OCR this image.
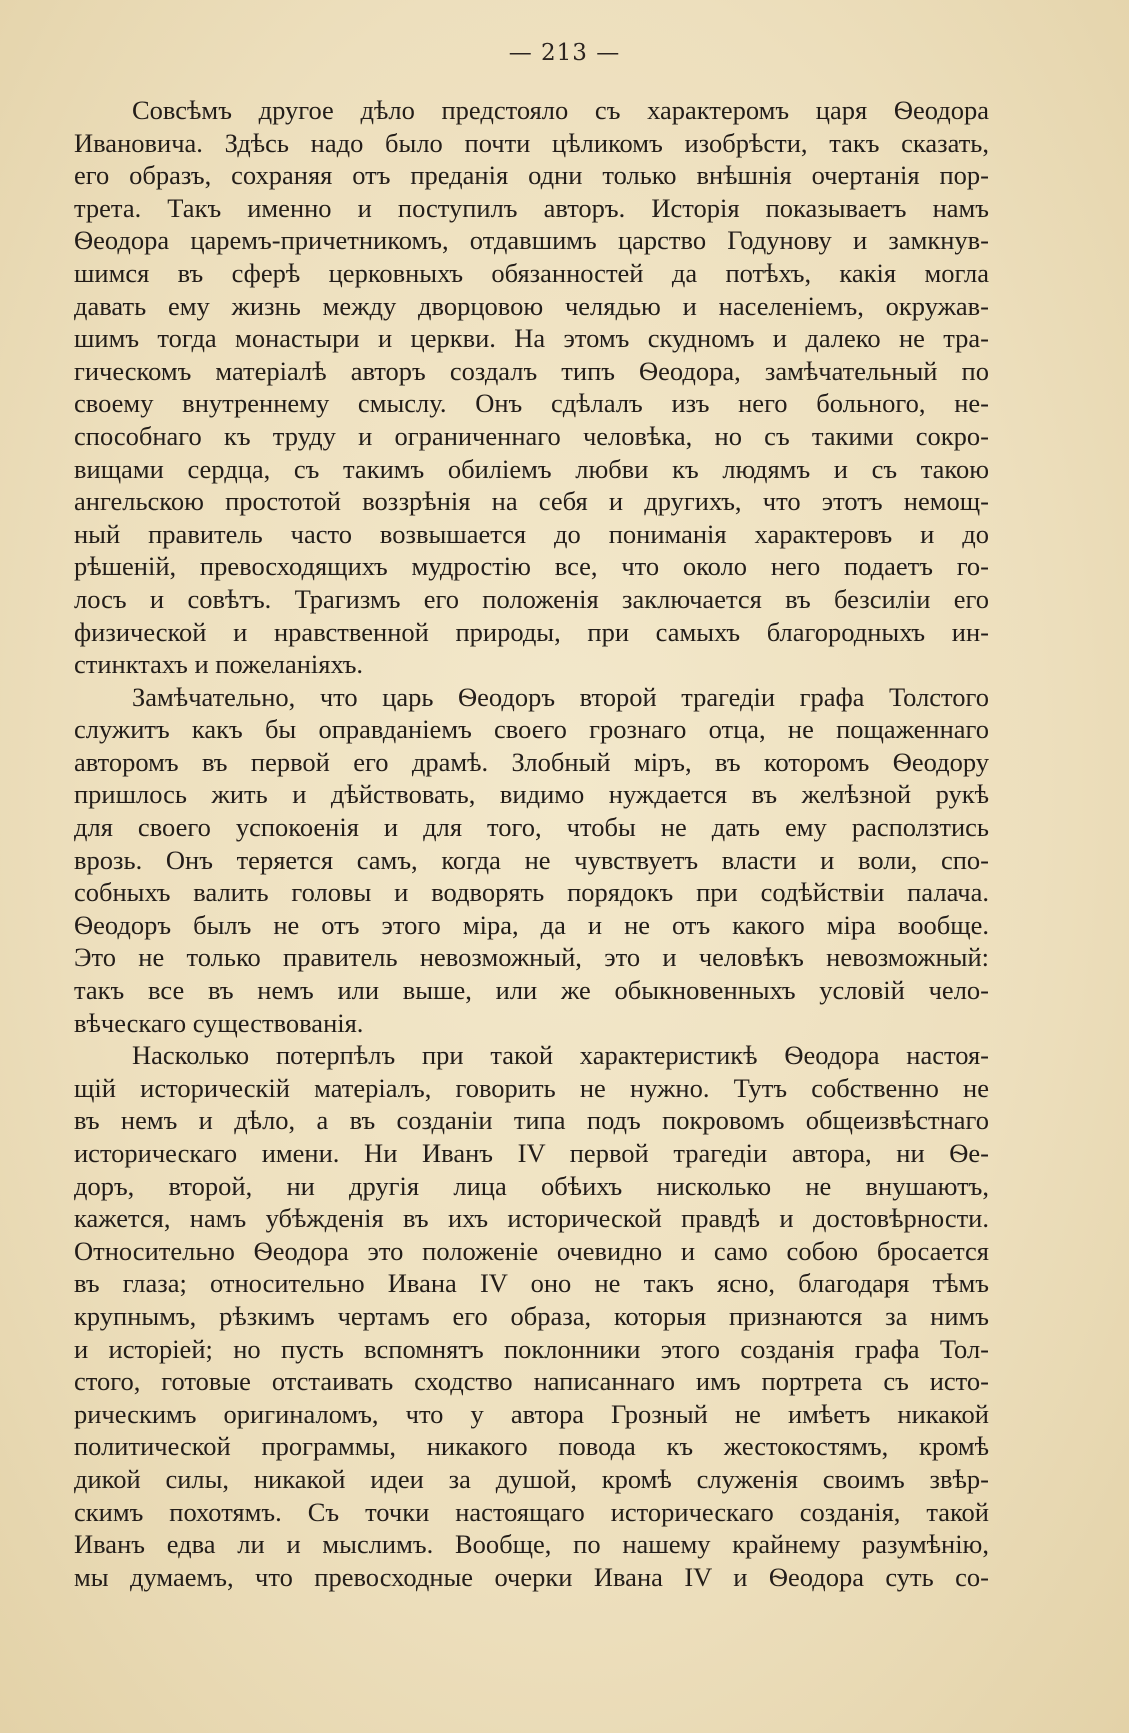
— 213 —
Совсѣмъ другое дѣло предстояло съ характеромъ царя Ѳеодора
Ивановича. Здѣсь надо было почти цѣликомъ изобрѣсти, такъ сказать,
его образъ, сохраняя отъ преданія одни только внѣшнія очертанія пор-
трета. Такъ именно и поступилъ авторъ. Исторія показываетъ намъ
Ѳеодора царемъ-причетникомъ, отдавшимъ царство Годунову и замкнув-
шимся въ сферѣ церковныхъ обязанностей да потѣхъ, какія могла
давать ему жизнь между дворцовою челядью и населеніемъ, окружав-
шимъ тогда монастыри и церкви. На этомъ скудномъ и далеко не тра-
гическомъ матеріалѣ авторъ создалъ типъ Ѳеодора, замѣчательный по
своему внутреннему смыслу. Онъ сдѣлалъ изъ него больного, не-
способнаго къ труду и ограниченнаго человѣка, но съ такими сокро-
вищами сердца, съ такимъ обиліемъ любви къ людямъ и съ такою
ангельскою простотой воззрѣнія на себя и другихъ, что этотъ немощ-
ный правитель часто возвышается до пониманія характеровъ и до
рѣшеній, превосходящихъ мудростію все, что около него подаетъ го-
лосъ и совѣтъ. Трагизмъ его положенія заключается въ безсиліи его
физической и нравственной природы, при самыхъ благородныхъ ин-
стинктахъ и пожеланіяхъ.
Замѣчательно, что царь Ѳеодоръ второй трагедіи графа Толстого
служитъ какъ бы оправданіемъ своего грознаго отца, не пощаженнаго
авторомъ въ первой его драмѣ. Злобный міръ, въ которомъ Ѳеодору
пришлось жить и дѣйствовать, видимо нуждается въ желѣзной рукѣ
для своего успокоенія и для того, чтобы не дать ему расползтись
врозь. Онъ теряется самъ, когда не чувствуетъ власти и воли, спо-
собныхъ валить головы и водворять порядокъ при содѣйствіи палача.
Ѳеодоръ былъ не отъ этого міра, да и не отъ какого міра вообще.
Это не только правитель невозможный, это и человѣкъ невозможный:
такъ все въ немъ или выше, или же обыкновенныхъ условій чело-
вѣческаго существованія.
Насколько потерпѣлъ при такой характеристикѣ Ѳеодора настоя-
щій историческій матеріалъ, говорить не нужно. Тутъ собственно не
въ немъ и дѣло, а въ созданіи типа подъ покровомъ общеизвѣстнаго
историческаго имени. Ни Иванъ IV первой трагедіи автора, ни Ѳе-
доръ, второй, ни другія лица обѣихъ нисколько не внушаютъ,
кажется, намъ убѣжденія въ ихъ исторической правдѣ и достовѣрности.
Относительно Ѳеодора это положеніе очевидно и само собою бросается
въ глаза; относительно Ивана IV оно не такъ ясно, благодаря тѣмъ
крупнымъ, рѣзкимъ чертамъ его образа, которыя признаются за нимъ
и исторіей; но пусть вспомнятъ поклонники этого созданія графа Тол-
стого, готовые отстаивать сходство написаннаго имъ портрета съ исто-
рическимъ оригиналомъ, что у автора Грозный не имѣетъ никакой
политической программы, никакого повода къ жестокостямъ, кромѣ
дикой силы, никакой идеи за душой, кромѣ служенія своимъ звѣр-
скимъ похотямъ. Съ точки настоящаго историческаго созданія, такой
Иванъ едва ли и мыслимъ. Вообще, по нашему крайнему разумѣнію,
мы думаемъ, что превосходные очерки Ивана IV и Ѳеодора суть со-
